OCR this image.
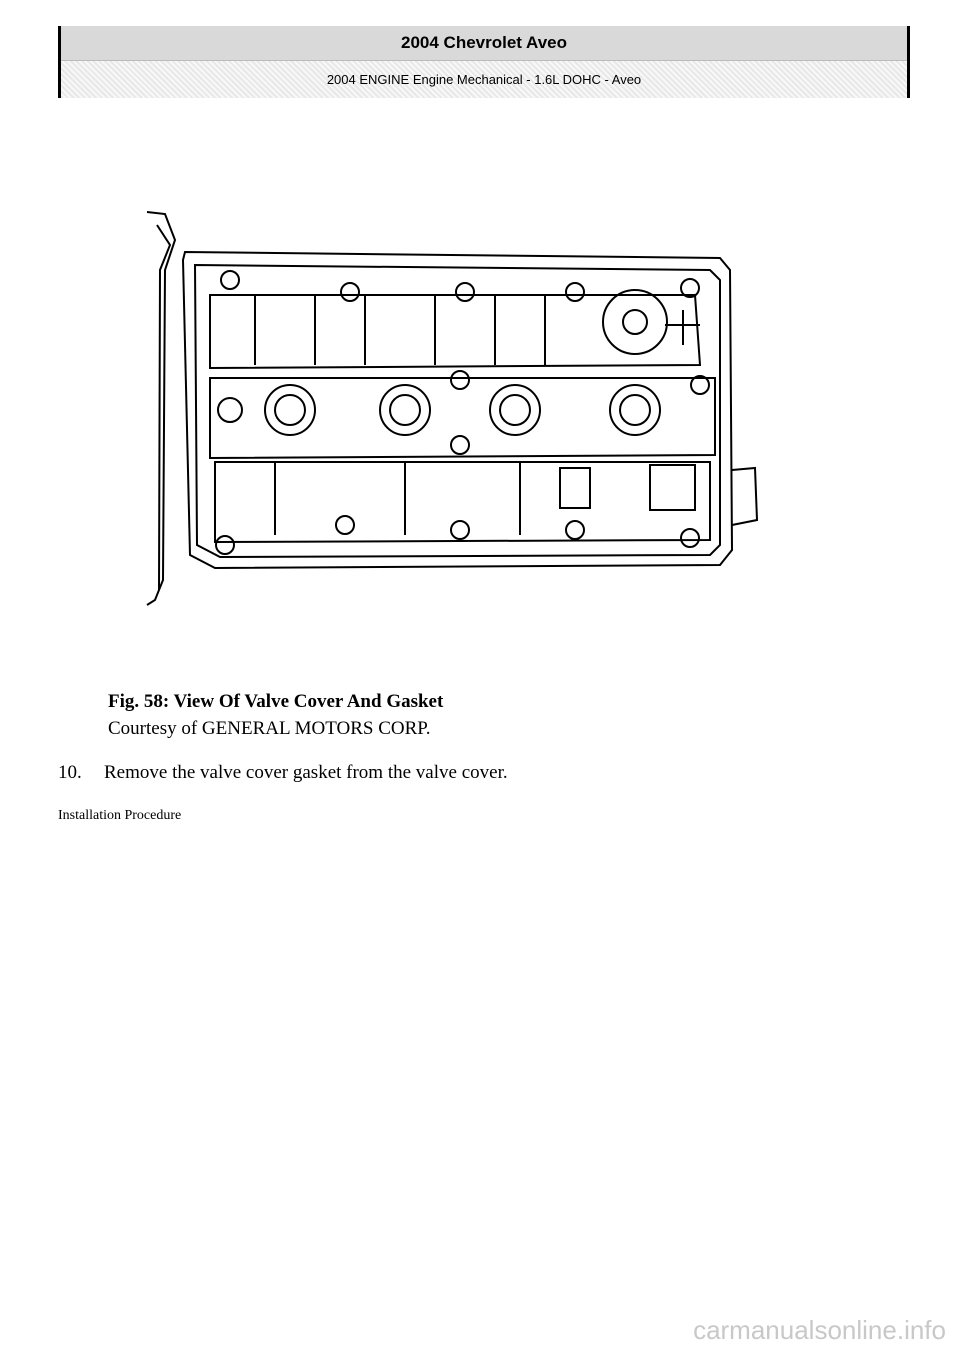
2004 Chevrolet Aveo
2004 ENGINE Engine Mechanical - 1.6L DOHC - Aveo
Fig. 58: View Of Valve Cover And Gasket
Courtesy of GENERAL MOTORS CORP.
10.	Remove the valve cover gasket from the valve cover.
Installation Procedure
carmanualsonline.info
